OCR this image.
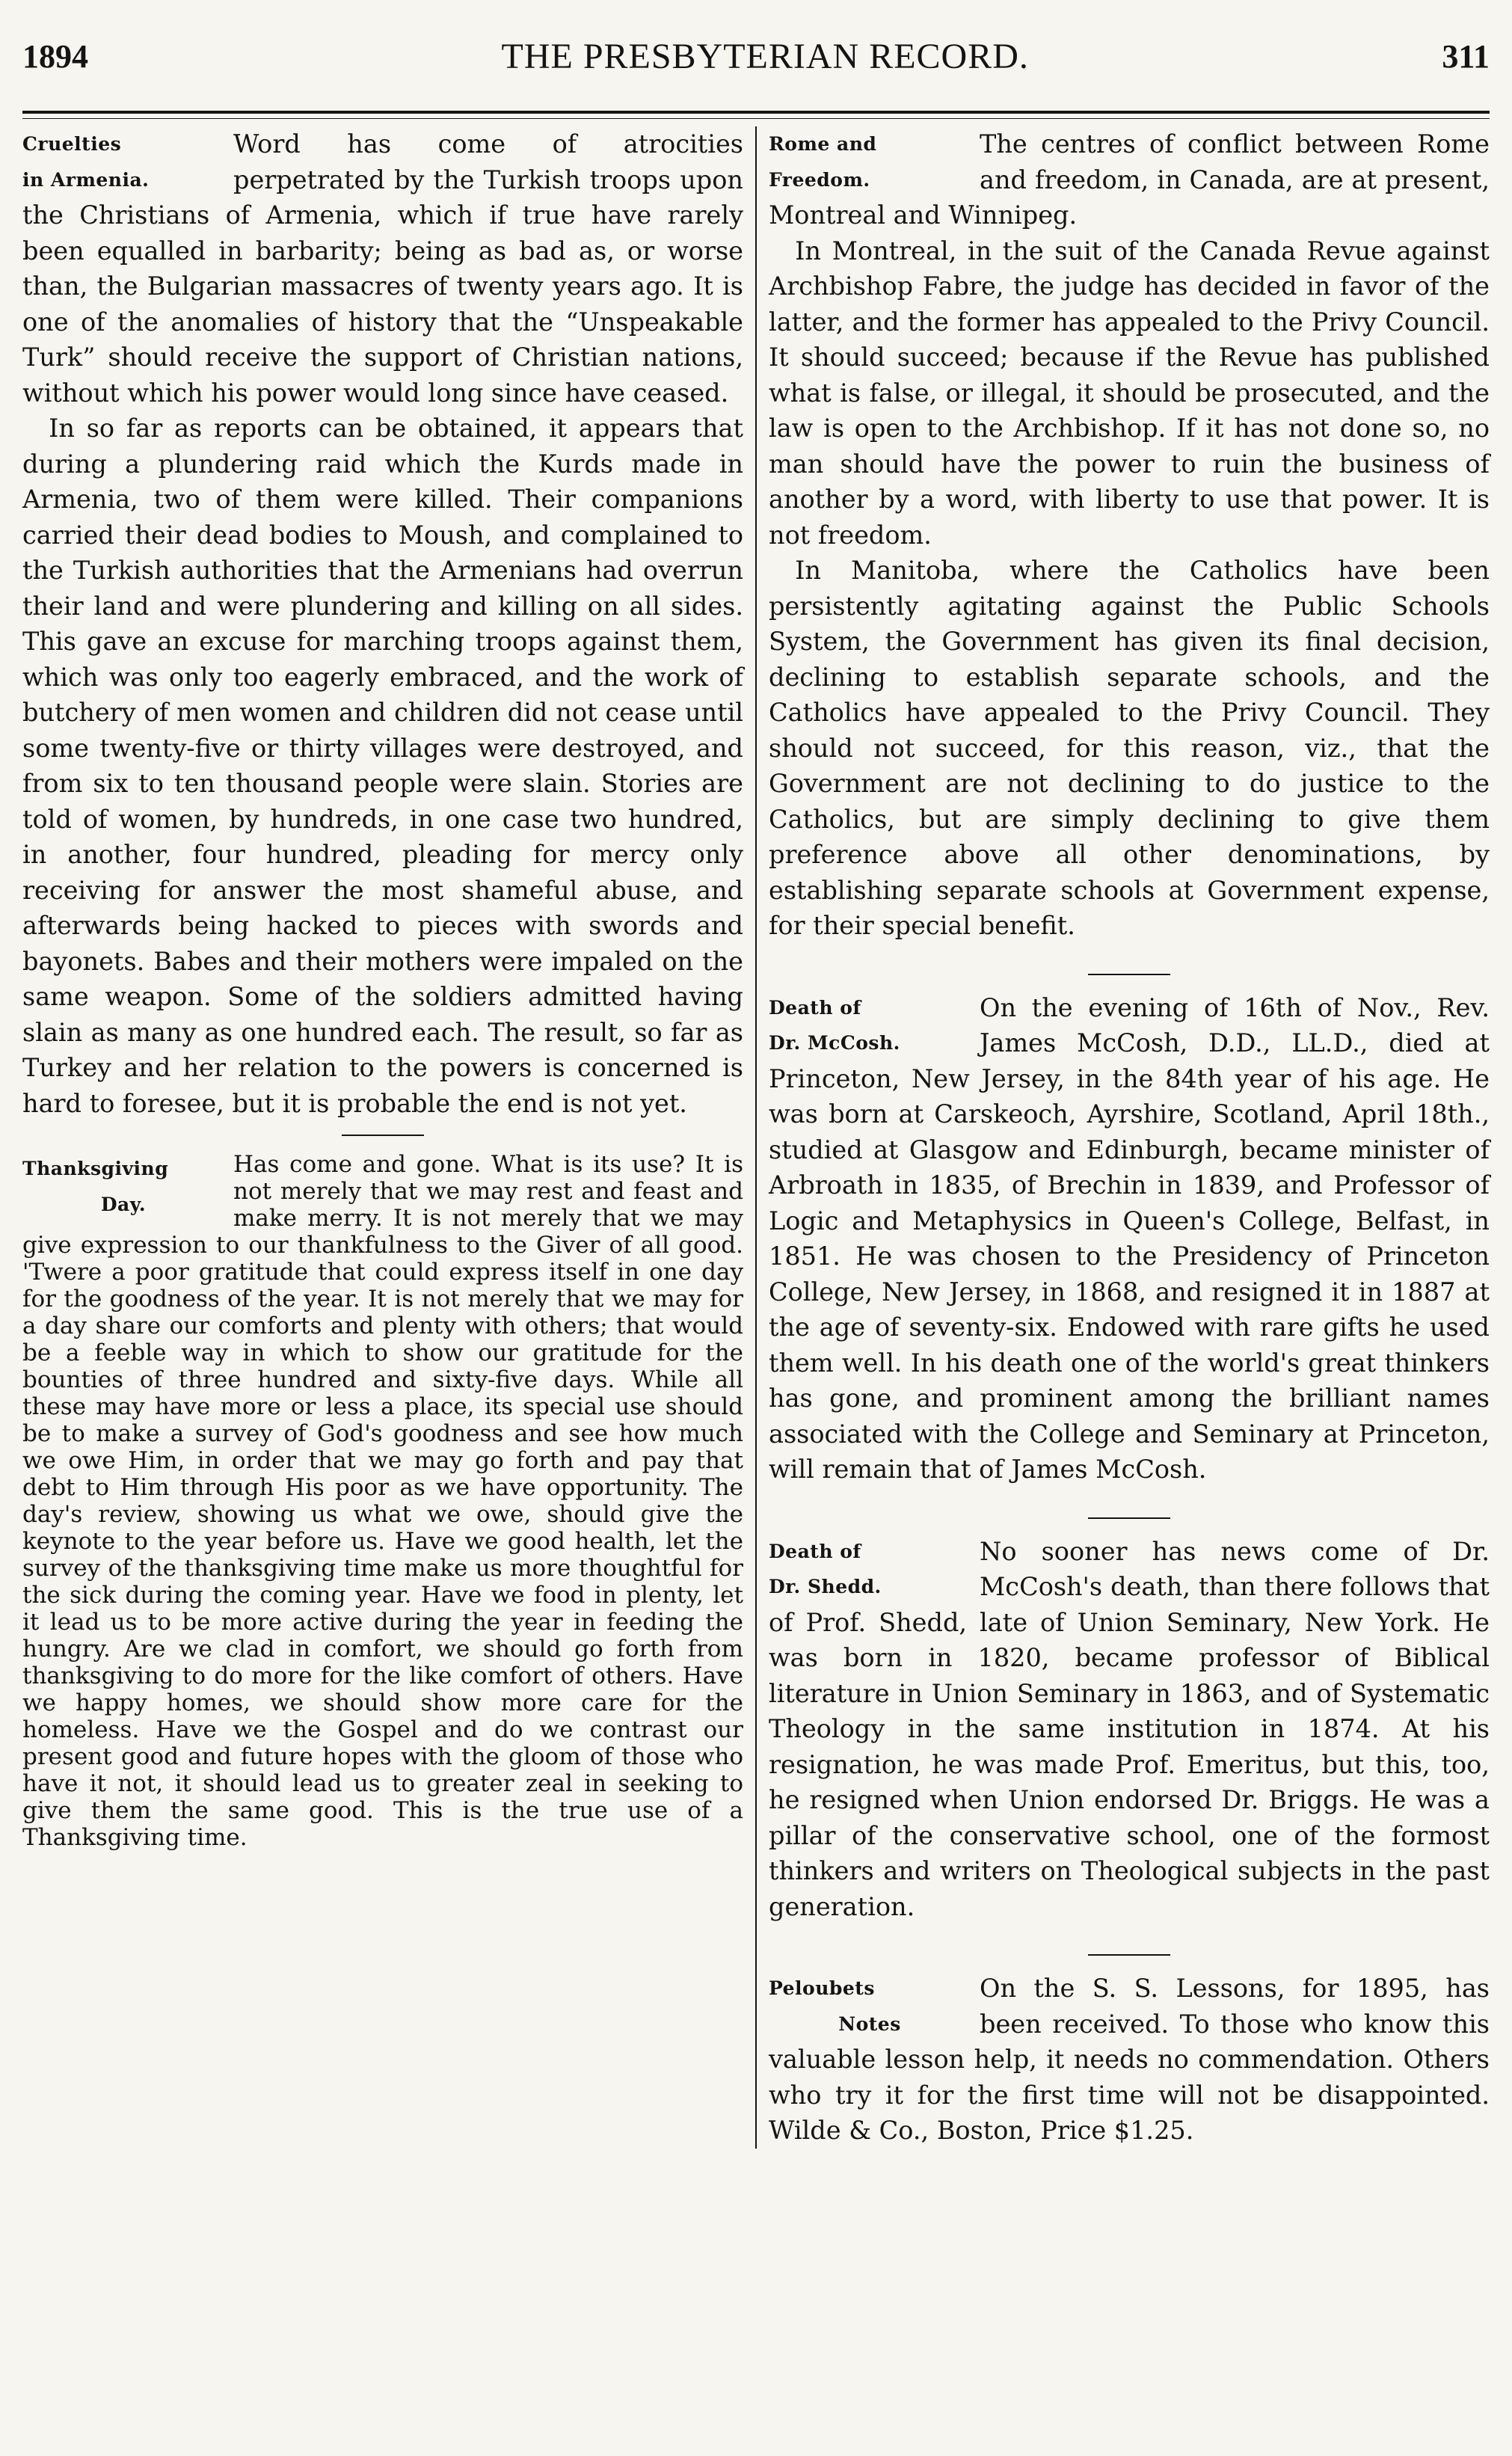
1894	THE PRESBYTERIAN RECORD.	311
Cruelties
in Armenia.

Word has come of atrocities perpetrated by the Turkish troops upon the Christians of Armenia, which if true have rarely been equalled in barbarity; being as bad as, or worse than, the Bulgarian massacres of twenty years ago. It is one of the anomalies of history that the “Unspeakable Turk” should receive the support of Christian nations, without which his power would long since have ceased.

In so far as reports can be obtained, it appears that during a plundering raid which the Kurds made in Armenia, two of them were killed. Their companions carried their dead bodies to Moush, and complained to the Turkish authorities that the Armenians had overrun their land and were plundering and killing on all sides. This gave an excuse for marching troops against them, which was only too eagerly embraced, and the work of butchery of men women and children did not cease until some twenty-five or thirty villages were destroyed, and from six to ten thousand people were slain. Stories are told of women, by hundreds, in one case two hundred, in another, four hundred, pleading for mercy only receiving for answer the most shameful abuse, and afterwards being hacked to pieces with swords and bayonets. Babes and their mothers were impaled on the same weapon. Some of the soldiers admitted having slain as many as one hundred each. The result, so far as Turkey and her relation to the powers is concerned is hard to foresee, but it is probable the end is not yet.

Thanksgiving
Day.

Has come and gone. What is its use? It is not merely that we may rest and feast and make merry. It is not merely that we may give expression to our thankfulness to the Giver of all good. 'Twere a poor gratitude that could express itself in one day for the goodness of the year. It is not merely that we may for a day share our comforts and plenty with others; that would be a feeble way in which to show our gratitude for the bounties of three hundred and sixty-five days. While all these may have more or less a place, its special use should be to make a survey of God's goodness and see how much we owe Him, in order that we may go forth and pay that debt to Him through His poor as we have opportunity. The day's review, showing us what we owe, should give the keynote to the year before us. Have we good health, let the survey of the thanksgiving time make us more thoughtful for the sick during the coming year. Have we food in plenty, let it lead us to be more active during the year in feeding the hungry. Are we clad in comfort, we should go forth from thanksgiving to do more for the like comfort of others. Have we happy homes, we should show more care for the homeless. Have we the Gospel and do we contrast our present good and future hopes with the gloom of those who have it not, it should lead us to greater zeal in seeking to give them the same good. This is the true use of a Thanksgiving time.

Rome and
Freedom.

The centres of conflict between Rome and freedom, in Canada, are at present, Montreal and Winnipeg.

In Montreal, in the suit of the Canada Revue against Archbishop Fabre, the judge has decided in favor of the latter, and the former has appealed to the Privy Council. It should succeed; because if the Revue has published what is false, or illegal, it should be prosecuted, and the law is open to the Archbishop. If it has not done so, no man should have the power to ruin the business of another by a word, with liberty to use that power. It is not freedom.

In Manitoba, where the Catholics have been persistently agitating against the Public Schools System, the Government has given its final decision, declining to establish separate schools, and the Catholics have appealed to the Privy Council. They should not succeed, for this reason, viz., that the Government are not declining to do justice to the Catholics, but are simply declining to give them preference above all other denominations, by establishing separate schools at Government expense, for their special benefit.

Death of
Dr. McCosh.

On the evening of 16th of Nov., Rev. James McCosh, D.D., LL.D., died at Princeton, New Jersey, in the 84th year of his age. He was born at Carskeoch, Ayrshire, Scotland, April 18th., studied at Glasgow and Edinburgh, became minister of Arbroath in 1835, of Brechin in 1839, and Professor of Logic and Metaphysics in Queen's College, Belfast, in 1851. He was chosen to the Presidency of Princeton College, New Jersey, in 1868, and resigned it in 1887 at the age of seventy-six. Endowed with rare gifts he used them well. In his death one of the world's great thinkers has gone, and prominent among the brilliant names associated with the College and Seminary at Princeton, will remain that of James McCosh.

Death of
Dr. Shedd.

No sooner has news come of Dr. McCosh's death, than there follows that of Prof. Shedd, late of Union Seminary, New York. He was born in 1820, became professor of Biblical literature in Union Seminary in 1863, and of Systematic Theology in the same institution in 1874. At his resignation, he was made Prof. Emeritus, but this, too, he resigned when Union endorsed Dr. Briggs. He was a pillar of the conservative school, one of the formost thinkers and writers on Theological subjects in the past generation.

Peloubets
Notes

On the S. S. Lessons, for 1895, has been received. To those who know this valuable lesson help, it needs no commendation. Others who try it for the first time will not be disappointed. Wilde & Co., Boston, Price $1.25.
